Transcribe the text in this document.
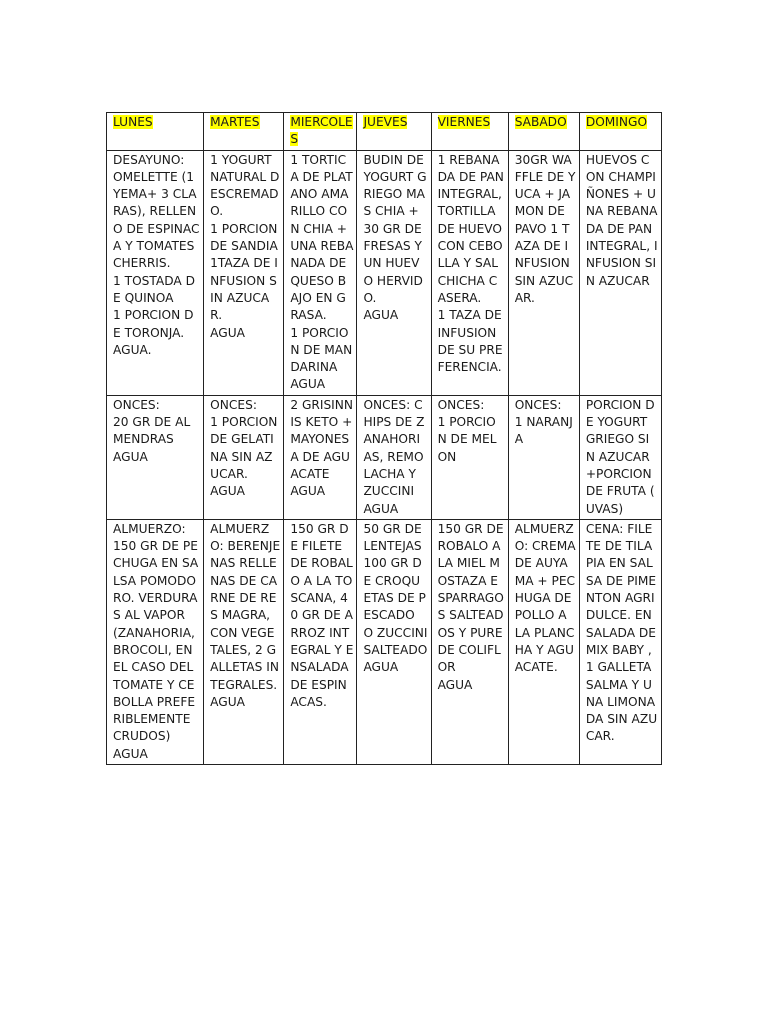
LUNES	MARTES	MIERCOLES	JUEVES	VIERNES	SABADO	DOMINGO

DESAYUNO:
OMELETTE (1 YEMA+ 3 CLARAS), RELLENO DE ESPINACA Y TOMATES CHERRIS.
1 TOSTADA DE QUINOA
1 PORCION DE TORONJA.
AGUA.	1 YOGURT NATURAL DESCREMADO.
1 PORCION DE SANDIA
1TAZA DE INFUSION SIN AZUCAR.
AGUA	1 TORTICA DE PLATANO AMARILLO CON CHIA + UNA REBANADA DE QUESO BAJO EN GRASA.
1 PORCION DE MANDARINA
AGUA	BUDIN DE YOGURT GRIEGO MAS CHIA + 30 GR DE FRESAS Y UN HUEVO HERVIDO.
AGUA	1 REBANADA DE PAN INTEGRAL, TORTILLA DE HUEVO CON CEBOLLA Y SALCHICHA CASERA.
1 TAZA DE INFUSION DE SU PREFERENCIA.	30GR WAFFLE DE YUCA + JAMON DE PAVO 1 TAZA DE INFUSION SIN AZUCAR.	HUEVOS CON CHAMPIÑONES + UNA REBANADA DE PAN INTEGRAL, INFUSION SIN AZUCAR

ONCES:
20 GR DE ALMENDRAS
AGUA	ONCES:
1 PORCION DE GELATINA SIN AZUCAR.
AGUA	2 GRISINNIS KETO +MAYONESA DE AGUACATE
AGUA	ONCES: CHIPS DE ZANAHORIAS, REMOLACHA Y ZUCCINI
AGUA	ONCES:
1 PORCION DE MELON	ONCES:
1 NARANJA	PORCION DE YOGURT GRIEGO SIN AZUCAR +PORCION DE FRUTA ( UVAS)

ALMUERZO:
150 GR DE PECHUGA EN SALSA POMODORO. VERDURAS AL VAPOR (ZANAHORIA, BROCOLI, EN EL CASO DEL TOMATE Y CEBOLLA PREFERIBLEMENTE CRUDOS)
AGUA	ALMUERZO: BERENJENAS RELLENAS DE CARNE DE RES MAGRA, CON VEGETALES, 2 GALLETAS INTEGRALES.
AGUA	150 GR DE FILETE DE ROBALO A LA TOSCANA, 40 GR DE ARROZ INTEGRAL Y ENSALADA DE ESPINACAS.	50 GR DE LENTEJAS 100 GR DE CROQUETAS DE PESCADO O ZUCCINI SALTEADO
AGUA	150 GR DE ROBALO A LA MIEL MOSTAZA ESPARRAGOS SALTEADOS Y PURE DE COLIFLOR
AGUA	ALMUERZO: CREMA DE AUYAMA + PECHUGA DE POLLO A LA PLANCHA Y AGUACATE.	CENA: FILETE DE TILAPIA EN SALSA DE PIMENTON AGRIDULCE. ENSALADA DE MIX BABY , 1 GALLETA SALMA Y UNA LIMONADA SIN AZUCAR.
